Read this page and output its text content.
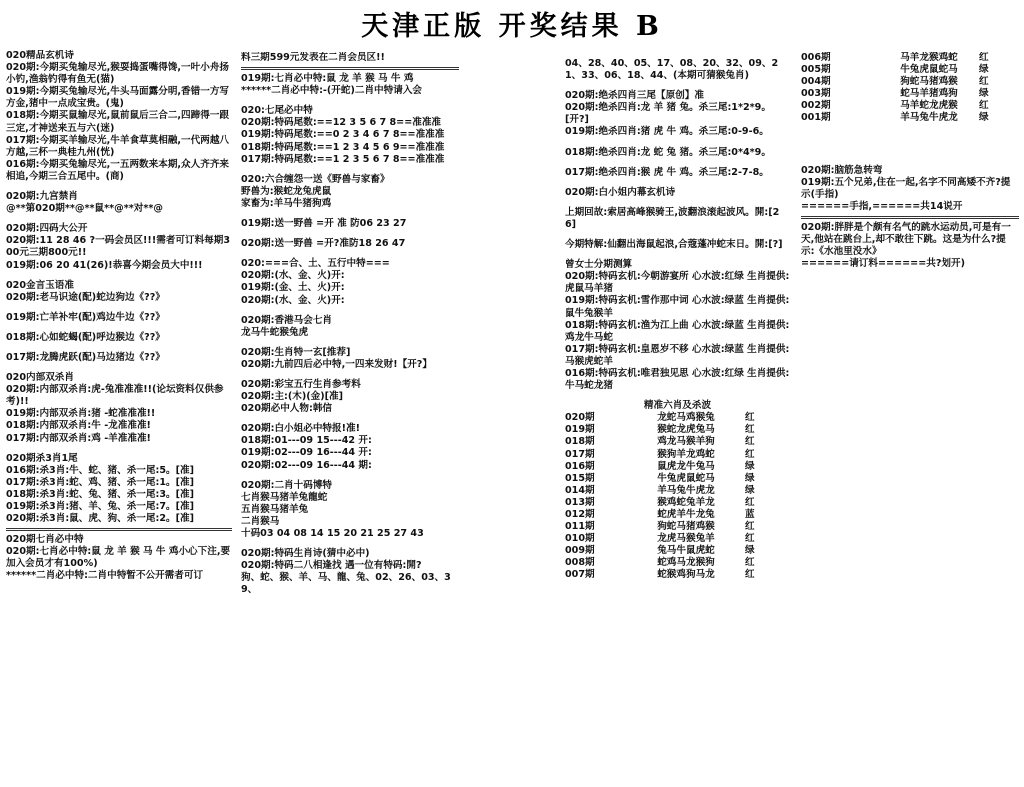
天津正版 开奖结果 B
020精品玄机诗
020期:今期买兔输尽光,猴耍捣蛋嘴得馋,一叶小舟扬小钓,渔翁钓得有鱼无(猫)
019期:今期买兔输尽光,牛头马面露分明,香错一方写方金,猪中一点成宝贵。(鬼)
018期:今期买鼠输尽光,鼠前鼠后三合二,四蹄得一跟三定,才神送来五与六(迷)
017期:今期买羊输尽光,牛羊食草莫相融,一代两越八方越,三杯一典桂九州(恍)
016期:今期买兔输尽光,一五两数来本期,众人齐齐来相追,今期三合五尾中。(商)
020期:九宫禁肖
@**第020期**@**鼠**@**对**@
020期:四码大公开
020期:11 28 46 ?一码会员区!!!需者可订料每期300元三期800元!!
019期:06 20 41(26)!恭喜今期会员大中!!!
020金言玉语准
020期:老马识途(配)蛇边狗边《??》
019期:亡羊补牢(配)鸡边牛边《??》
018期:心如蛇蝎(配)呼边猴边《??》
017期:龙腾虎跃(配)马边猪边《??》
020内部双杀肖
020期:内部双杀肖:虎-兔准准准!!(论坛资料仅供参考)!!
019期:内部双杀肖:猪 -蛇准准准!!
018期:内部双杀肖:牛 -龙准准准!
017期:内部双杀肖:鸡 -羊准准准!
020期杀3肖1尾
016期:杀3肖:牛、蛇、猪、杀一尾:5。[准]
017期:杀3肖:蛇、鸡、猪、杀一尾:1。[准]
018期:杀3肖:蛇、兔、猪、杀一尾:3。[准]
019期:杀3肖:猪、羊、兔、杀一尾:7。[准]
020期:杀3肖:鼠、虎、狗、杀一尾:2。[准]
020期七肖必中特
020期:七肖必中特:鼠 龙 羊 猴 马 牛 鸡小心下注,要加入会员才有100%)
******二肖必中特:二肖中特暂不公开需者可订
料三期599元发表在二肖会员区!!
019期:七肖必中特:鼠 龙 羊 猴 马 牛 鸡
******二肖必中特:-(开蛇)二肖中特请入会
020:七尾必中特
020期:特码尾数:==12 3 5 6 7 8==准准准
019期:特码尾数:==0 2 3 4 6 7 8==准准准
018期:特码尾数:==1 2 3 4 5 6 9==准准准
017期:特码尾数:==1 2 3 5 6 7 8==准准准
020:六合缠怨一送《野兽与家畜》
野兽为:猴蛇龙兔虎鼠
家畜为:羊马牛猪狗鸡
019期:送一野兽 =开 准 防06 23 27
020期:送一野兽 =开?准防18 26 47
020:===合、土、五行中特===
020期:(水、金、火)开:
019期:(金、土、火)开:
020期:(水、金、火)开:
020期:香港马会七肖
龙马牛蛇猴兔虎
020期:生肖特一玄[推荐]
020期:九前四后必中特,一四来发财!【开?】
020期:彩宝五行生肖参考料
020期:主:(木)(金)[准]
020期必中人物:韩信
020期:白小姐必中特报!准!
018期:01---09 15---42 开:
019期:02---09 16---44 开:
020期:02---09 16---44 期:
020期:二肖十码博特
七肖猴马猪羊兔龍蛇
五肖猴马猪羊兔
二肖猴马
十码03 04 08 14 15 20 21 25 27 43
020期:特码生肖诗(猜中必中)
020期:特码二八相逢找 遇一位有特码:開?
狗、蛇、猴、羊、马、龍、兔、02、26、03、39、
04、28、40、05、17、08、20、32、09、21、33、06、18、44、(本期可猜猴兔肖)
020期:绝杀四肖三尾【原创】准
020期:绝杀四肖:龙 羊 猪 兔。杀三尾:1*2*9。[开?]
019期:绝杀四肖:猪 虎 牛 鸡。杀三尾:0-9-6。
018期:绝杀四肖:龙 蛇 兔 猪。杀三尾:0*4*9。
017期:绝杀四肖:猴 虎 牛 鸡。杀三尾:2-7-8。
020期:白小姐内幕玄机诗
上期回故:索居高峰猴骑王,波翻浪滚起波风。開:[26]
今期特解:仙翻出海鼠起浪,合蔻蓬冲蛇末日。開:[?]
曾女士分期测算
020期:特码玄机:今朝游宴所 心水波:红绿 生肖提供:虎鼠马羊猪
019期:特码玄机:雪作那中词 心水波:绿蓝 生肖提供:鼠牛兔猴羊
018期:特码玄机:渔为江上曲 心水波:绿蓝 生肖提供:鸡龙牛马蛇
017期:特码玄机:皇恩岁不移 心水波:绿蓝 生肖提供:马猴虎蛇羊
016期:特码玄机:唯君独见思 心水波:红绿 生肖提供:牛马蛇龙猪
精准六肖及杀波
020期	龙蛇马鸡猴兔	红
019期	猴蛇龙虎兔马	红
018期	鸡龙马猴羊狗	红
017期	猴狗羊龙鸡蛇	红
016期	鼠虎龙牛兔马	绿
015期	牛兔虎鼠蛇马	绿
014期	羊马兔牛虎龙	绿
013期	猴鸡蛇兔羊龙	红
012期	蛇虎羊牛龙兔	蓝
011期	狗蛇马猪鸡猴	红
010期	龙虎马猴兔羊	红
009期	兔马牛鼠虎蛇	绿
008期	蛇鸡马龙猴狗	红
007期	蛇猴鸡狗马龙	红
006期	马羊龙猴鸡蛇	红
005期	牛兔虎鼠蛇马	绿
004期	狗蛇马猪鸡猴	红
003期	蛇马羊猪鸡狗	绿
002期	马羊蛇龙虎猴	红
001期	羊马兔牛虎龙	绿
020期:脑筋急转弯
019期:五个兄弟,住在一起,名字不同高矮不齐?提示(手指)
======手指,======共14说开
020期:胖胖是个颇有名气的跳水运动员,可是有一天,他站在跳台上,却不敢往下跳。这是为什么?提示:《水池里没水》
======请订料======共?划开)
